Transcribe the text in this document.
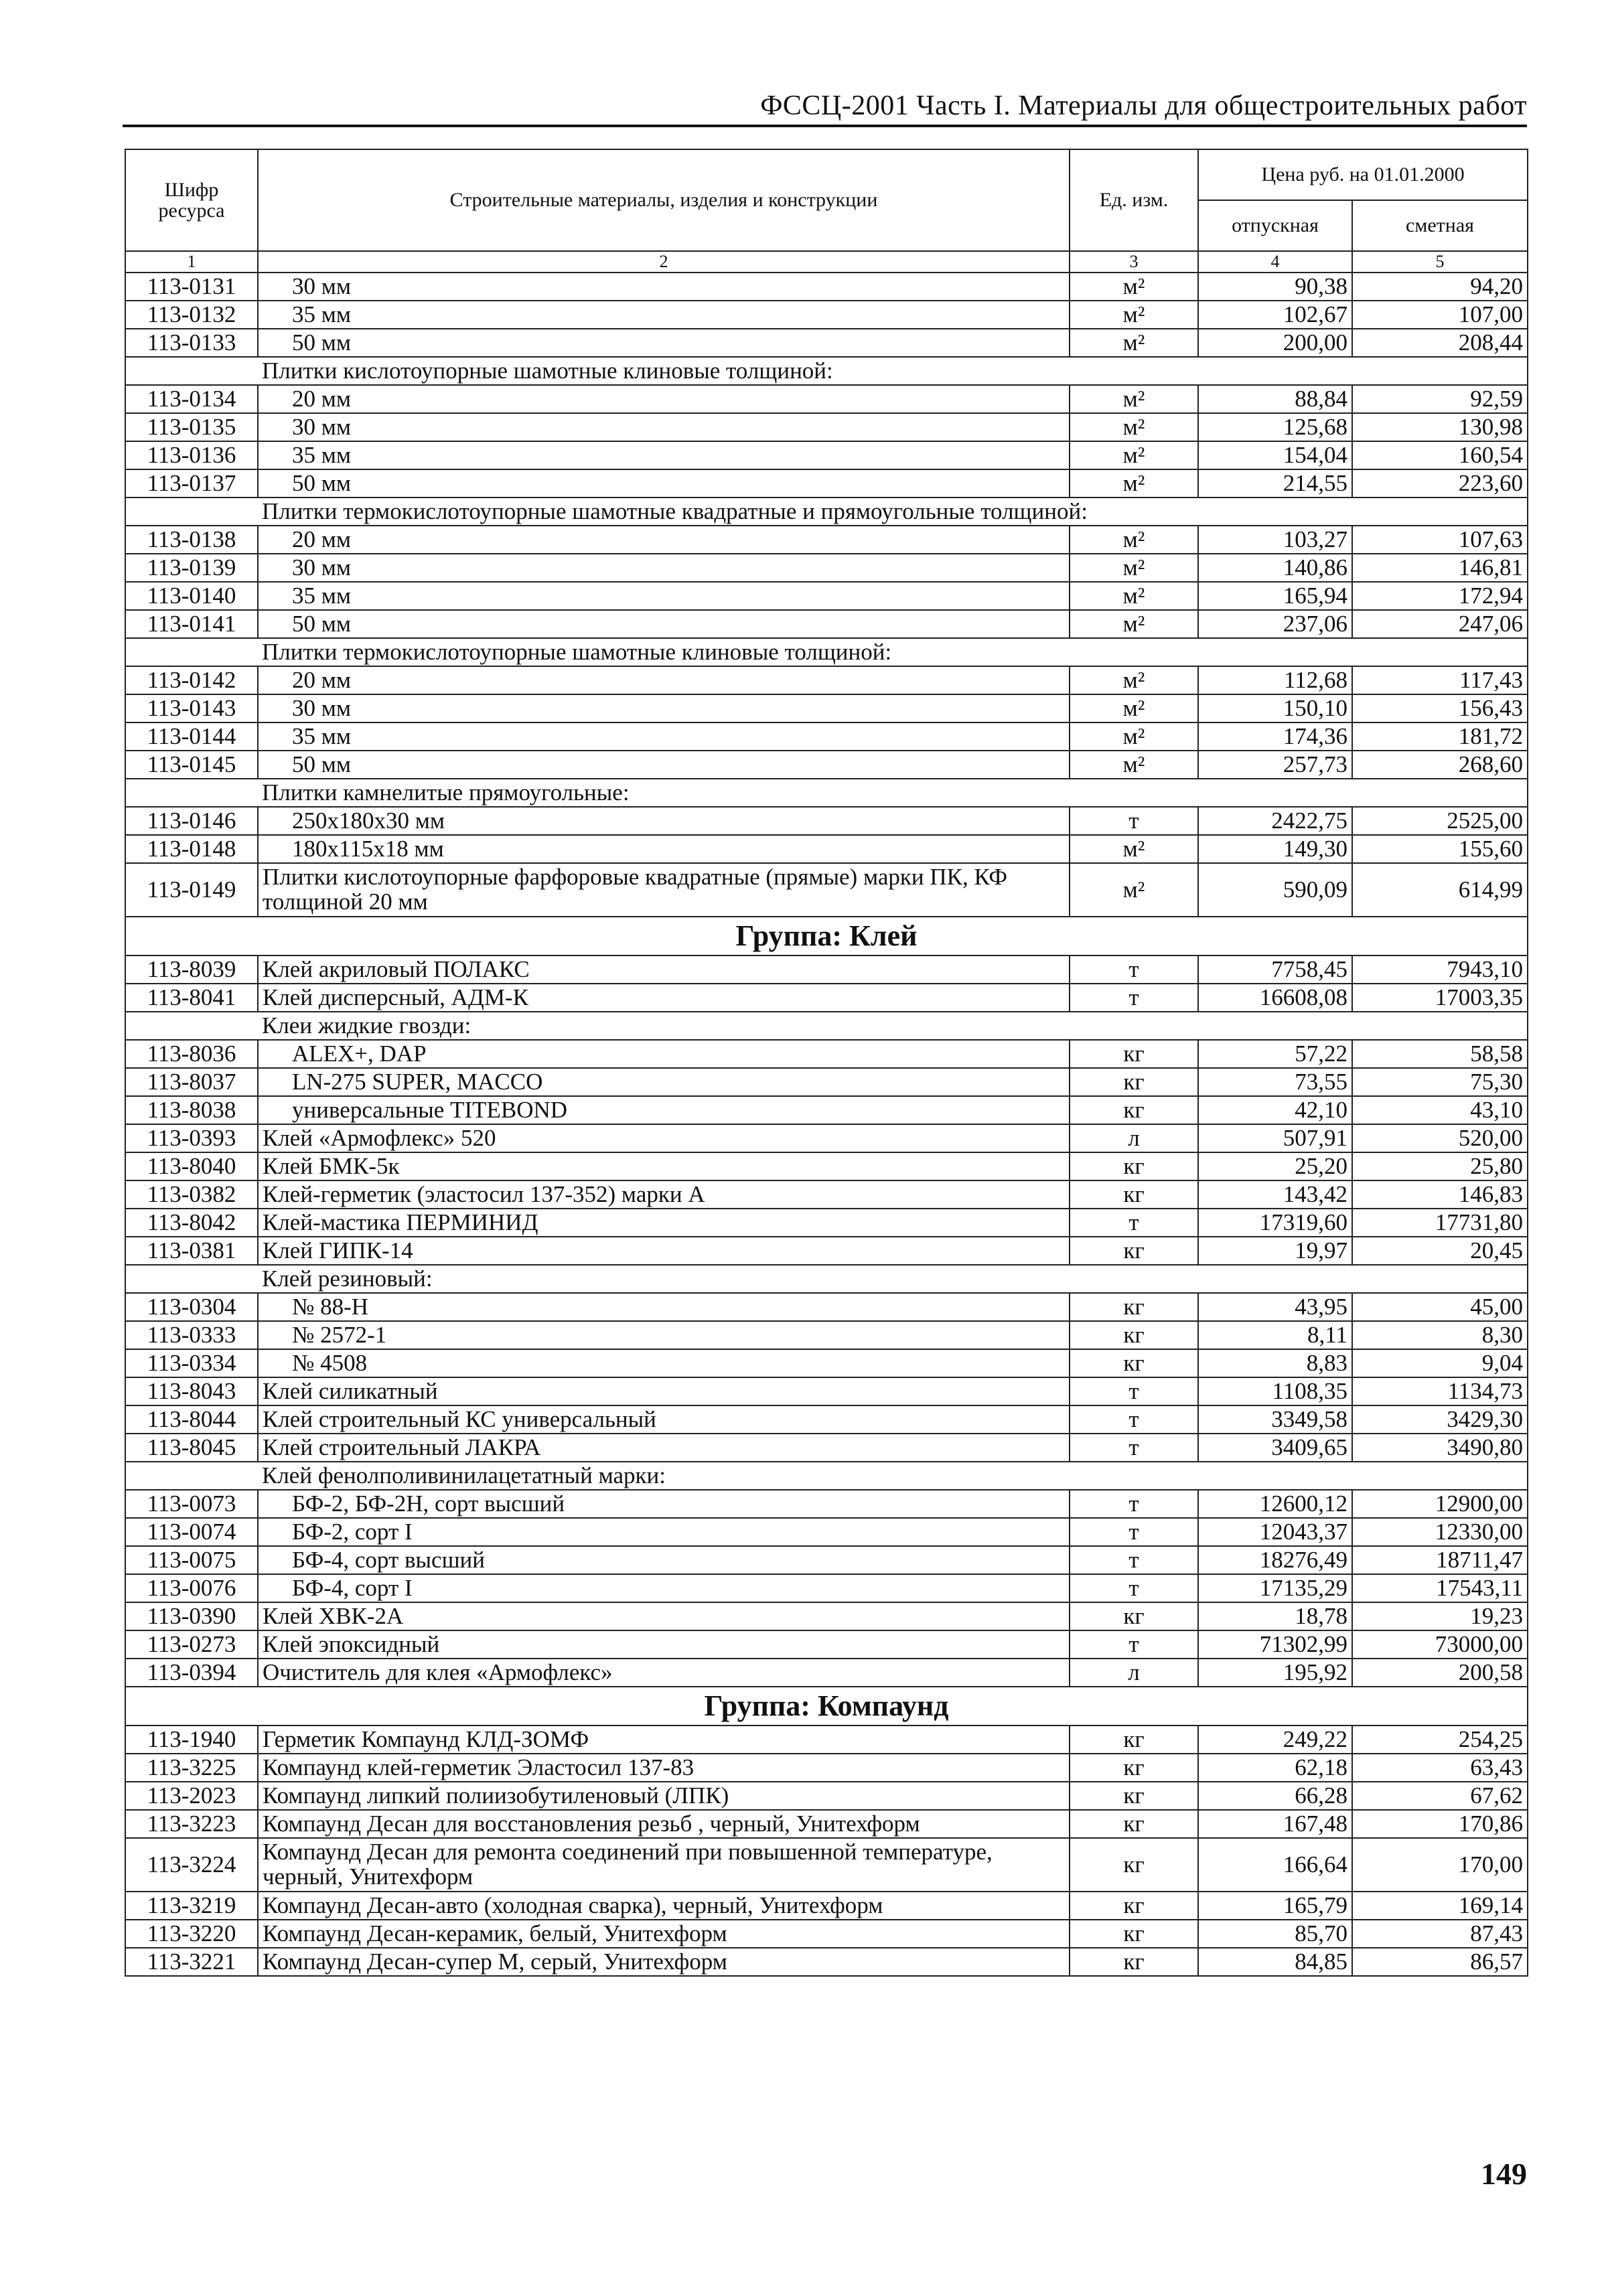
ФССЦ-2001 Часть I. Материалы для общестроительных работ
Шифр ресурса	Строительные материалы, изделия и конструкции	Ед. изм.	Цена руб. на 01.01.2000	
			отпускная	сметная
1	2	3	4	5
113-0131	30 мм	м²	90,38	94,20
113-0132	35 мм	м²	102,67	107,00
113-0133	50 мм	м²	200,00	208,44
	Плитки кислотоупорные шамотные клиновые толщиной:			
113-0134	20 мм	м²	88,84	92,59
113-0135	30 мм	м²	125,68	130,98
113-0136	35 мм	м²	154,04	160,54
113-0137	50 мм	м²	214,55	223,60
	Плитки термокислотоупорные шамотные квадратные и прямоугольные толщиной:			
113-0138	20 мм	м²	103,27	107,63
113-0139	30 мм	м²	140,86	146,81
113-0140	35 мм	м²	165,94	172,94
113-0141	50 мм	м²	237,06	247,06
	Плитки термокислотоупорные шамотные клиновые толщиной:			
113-0142	20 мм	м²	112,68	117,43
113-0143	30 мм	м²	150,10	156,43
113-0144	35 мм	м²	174,36	181,72
113-0145	50 мм	м²	257,73	268,60
	Плитки камнелитые прямоугольные:			
113-0146	250x180x30 мм	т	2422,75	2525,00
113-0148	180x115x18 мм	м²	149,30	155,60
113-0149	Плитки кислотоупорные фарфоровые квадратные (прямые) марки ПК, КФ толщиной 20 мм	м²	590,09	614,99
Группа: Клей				
113-8039	Клей акриловый ПОЛАКС	т	7758,45	7943,10
113-8041	Клей дисперсный, АДМ-К	т	16608,08	17003,35
	Клеи жидкие гвозди:			
113-8036	ALEX+, DAP	кг	57,22	58,58
113-8037	LN-275 SUPER, MACCO	кг	73,55	75,30
113-8038	универсальные TITEBOND	кг	42,10	43,10
113-0393	Клей «Армофлекс» 520	л	507,91	520,00
113-8040	Клей БМК-5к	кг	25,20	25,80
113-0382	Клей-герметик (эластосил 137-352) марки А	кг	143,42	146,83
113-8042	Клей-мастика ПЕРМИНИД	т	17319,60	17731,80
113-0381	Клей ГИПК-14	кг	19,97	20,45
	Клей резиновый:			
113-0304	№ 88-Н	кг	43,95	45,00
113-0333	№ 2572-1	кг	8,11	8,30
113-0334	№ 4508	кг	8,83	9,04
113-8043	Клей силикатный	т	1108,35	1134,73
113-8044	Клей строительный КС универсальный	т	3349,58	3429,30
113-8045	Клей строительный ЛАКРА	т	3409,65	3490,80
	Клей фенолполивинилацетатный марки:			
113-0073	БФ-2, БФ-2Н, сорт высший	т	12600,12	12900,00
113-0074	БФ-2, сорт I	т	12043,37	12330,00
113-0075	БФ-4, сорт высший	т	18276,49	18711,47
113-0076	БФ-4, сорт I	т	17135,29	17543,11
113-0390	Клей ХВК-2А	кг	18,78	19,23
113-0273	Клей эпоксидный	т	71302,99	73000,00
113-0394	Очиститель для клея «Армофлекс»	л	195,92	200,58
Группа: Компаунд				
113-1940	Герметик Компаунд КЛД-ЗОМФ	кг	249,22	254,25
113-3225	Компаунд клей-герметик Эластосил 137-83	кг	62,18	63,43
113-2023	Компаунд липкий полиизобутиленовый (ЛПК)	кг	66,28	67,62
113-3223	Компаунд Десан для восстановления резьб , черный, Унитехформ	кг	167,48	170,86
113-3224	Компаунд Десан для ремонта соединений при повышенной температуре, черный, Унитехформ	кг	166,64	170,00
113-3219	Компаунд Десан-авто (холодная сварка), черный, Унитехформ	кг	165,79	169,14
113-3220	Компаунд Десан-керамик, белый, Унитехформ	кг	85,70	87,43
113-3221	Компаунд Десан-супер М, серый, Унитехформ	кг	84,85	86,57
149
